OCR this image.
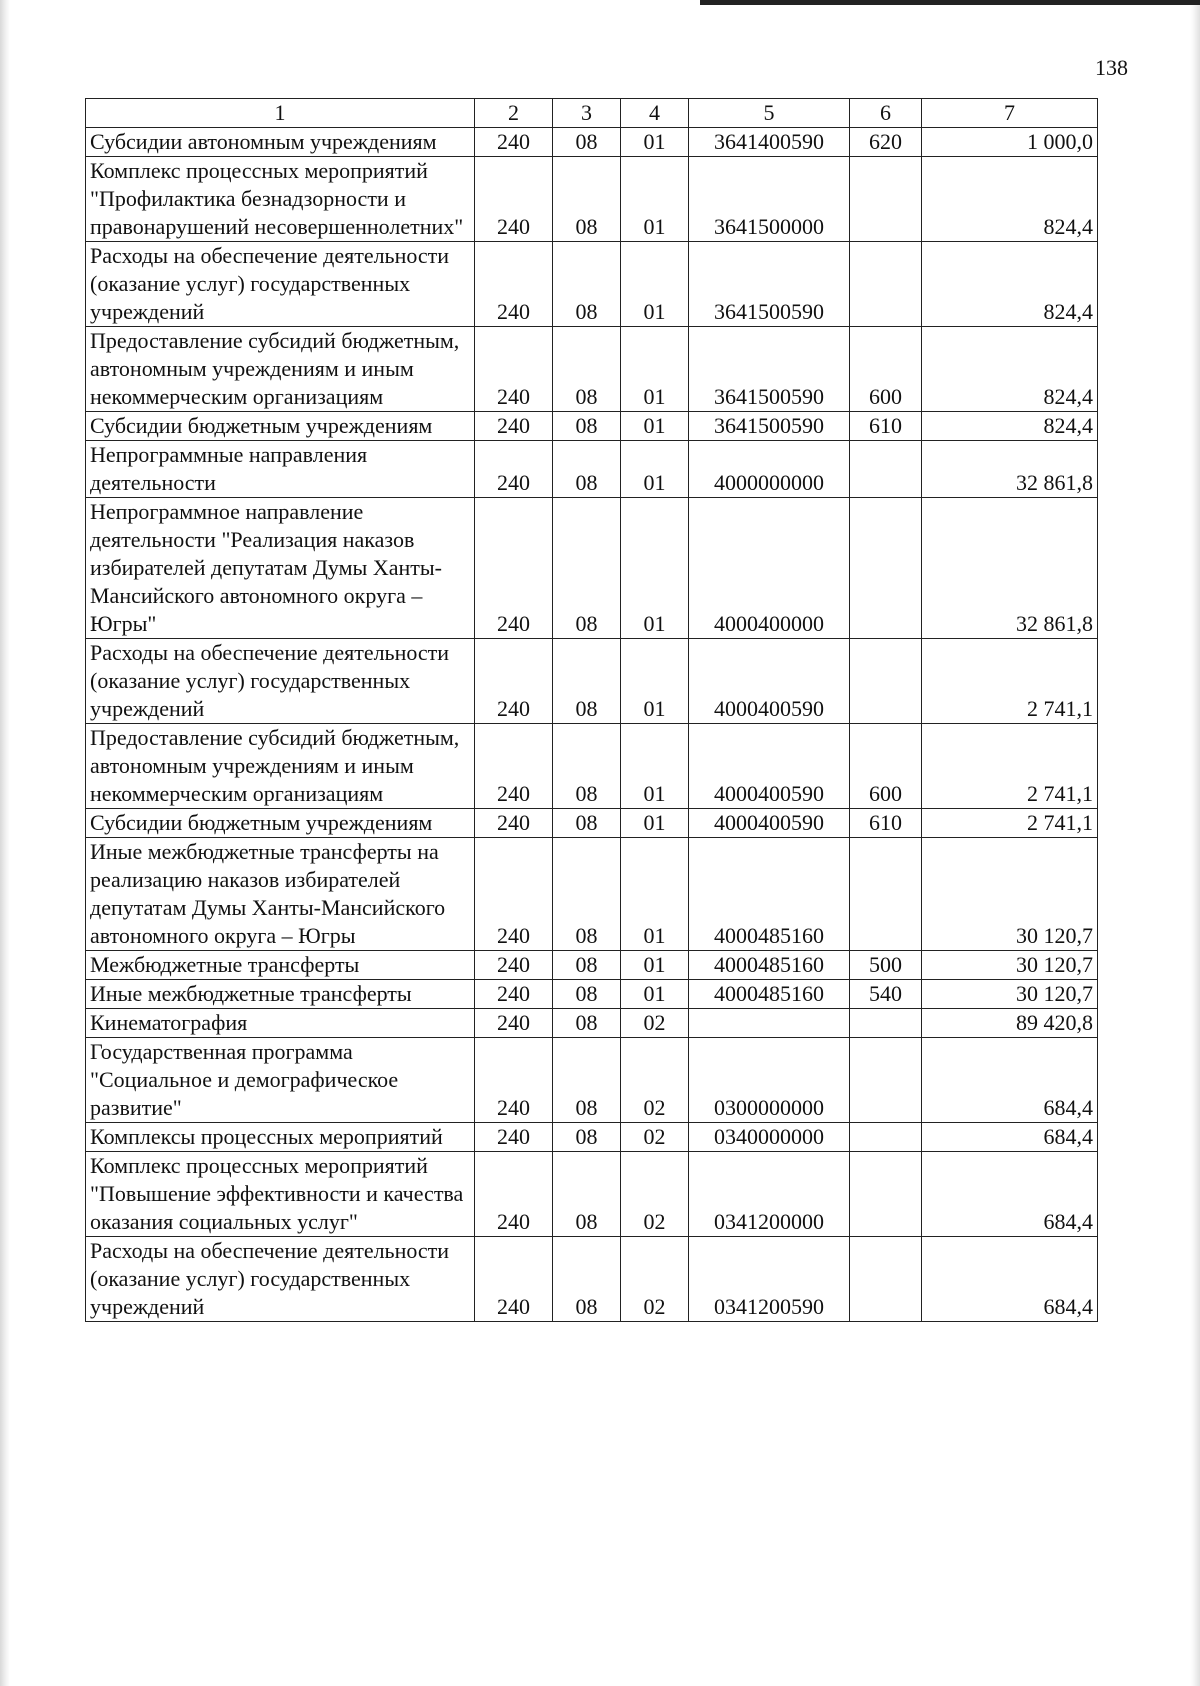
138
1	2	3	4	5	6	7
Субсидии автономным учреждениям	240	08	01	3641400590	620	1 000,0
Комплекс процессных мероприятий "Профилактика безнадзорности и правонарушений несовершеннолетних"	240	08	01	3641500000		824,4
Расходы на обеспечение деятельности (оказание услуг) государственных учреждений	240	08	01	3641500590		824,4
Предоставление субсидий бюджетным, автономным учреждениям и иным некоммерческим организациям	240	08	01	3641500590	600	824,4
Субсидии бюджетным учреждениям	240	08	01	3641500590	610	824,4
Непрограммные направления деятельности	240	08	01	4000000000		32 861,8
Непрограммное направление деятельности "Реализация наказов избирателей депутатам Думы Ханты-Мансийского автономного округа – Югры"	240	08	01	4000400000		32 861,8
Расходы на обеспечение деятельности (оказание услуг) государственных учреждений	240	08	01	4000400590		2 741,1
Предоставление субсидий бюджетным, автономным учреждениям и иным некоммерческим организациям	240	08	01	4000400590	600	2 741,1
Субсидии бюджетным учреждениям	240	08	01	4000400590	610	2 741,1
Иные межбюджетные трансферты на реализацию наказов избирателей депутатам Думы Ханты-Мансийского автономного округа – Югры	240	08	01	4000485160		30 120,7
Межбюджетные трансферты	240	08	01	4000485160	500	30 120,7
Иные межбюджетные трансферты	240	08	01	4000485160	540	30 120,7
Кинематография	240	08	02			89 420,8
Государственная программа "Социальное и демографическое развитие"	240	08	02	0300000000		684,4
Комплексы процессных мероприятий	240	08	02	0340000000		684,4
Комплекс процессных мероприятий "Повышение эффективности и качества оказания социальных услуг"	240	08	02	0341200000		684,4
Расходы на обеспечение деятельности (оказание услуг) государственных учреждений	240	08	02	0341200590		684,4
